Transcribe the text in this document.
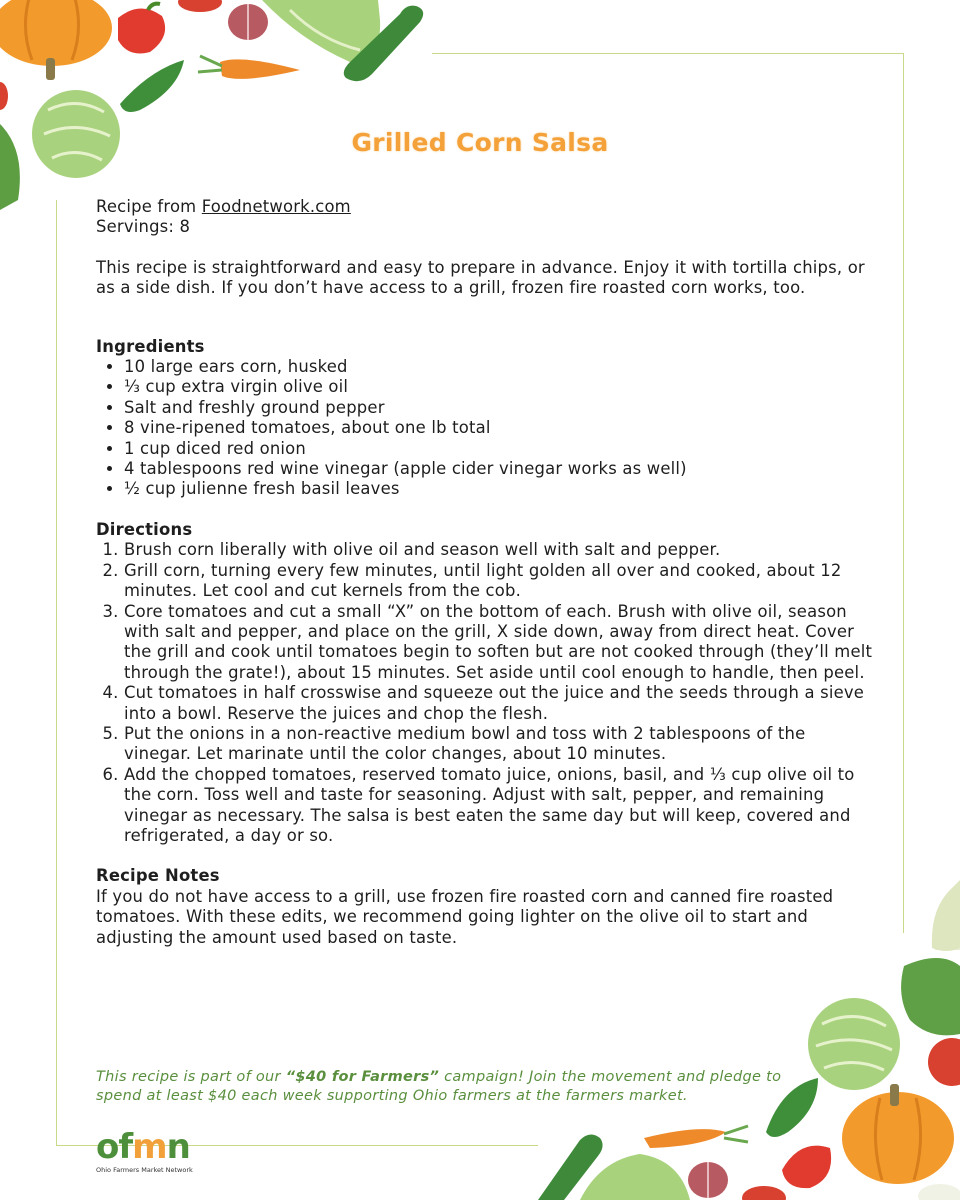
Grilled Corn Salsa

Recipe from Foodnetwork.com

Servings: 8

This recipe is straightforward and easy to prepare in advance. Enjoy it with tortilla chips, or as a side dish. If you don’t have access to a grill, frozen fire roasted corn works, too.

Ingredients

• 10 large ears corn, husked
• ⅓ cup extra virgin olive oil
• Salt and freshly ground pepper
• 8 vine-ripened tomatoes, about one lb total
• 1 cup diced red onion
• 4 tablespoons red wine vinegar (apple cider vinegar works as well)
• ½ cup julienne fresh basil leaves

Directions

1. Brush corn liberally with olive oil and season well with salt and pepper.
2. Grill corn, turning every few minutes, until light golden all over and cooked, about 12 minutes. Let cool and cut kernels from the cob.
3. Core tomatoes and cut a small “X” on the bottom of each. Brush with olive oil, season with salt and pepper, and place on the grill, X side down, away from direct heat. Cover the grill and cook until tomatoes begin to soften but are not cooked through (they’ll melt through the grate!), about 15 minutes. Set aside until cool enough to handle, then peel.
4. Cut tomatoes in half crosswise and squeeze out the juice and the seeds through a sieve into a bowl. Reserve the juices and chop the flesh.
5. Put the onions in a non-reactive medium bowl and toss with 2 tablespoons of the vinegar. Let marinate until the color changes, about 10 minutes.
6. Add the chopped tomatoes, reserved tomato juice, onions, basil, and ⅓ cup olive oil to the corn. Toss well and taste for seasoning. Adjust with salt, pepper, and remaining vinegar as necessary. The salsa is best eaten the same day but will keep, covered and refrigerated, a day or so.

Recipe Notes

If you do not have access to a grill, use frozen fire roasted corn and canned fire roasted tomatoes. With these edits, we recommend going lighter on the olive oil to start and adjusting the amount used based on taste.

This recipe is part of our “$40 for Farmers” campaign! Join the movement and pledge to spend at least $40 each week supporting Ohio farmers at the farmers market.
ofmn
Ohio Farmers Market Network
